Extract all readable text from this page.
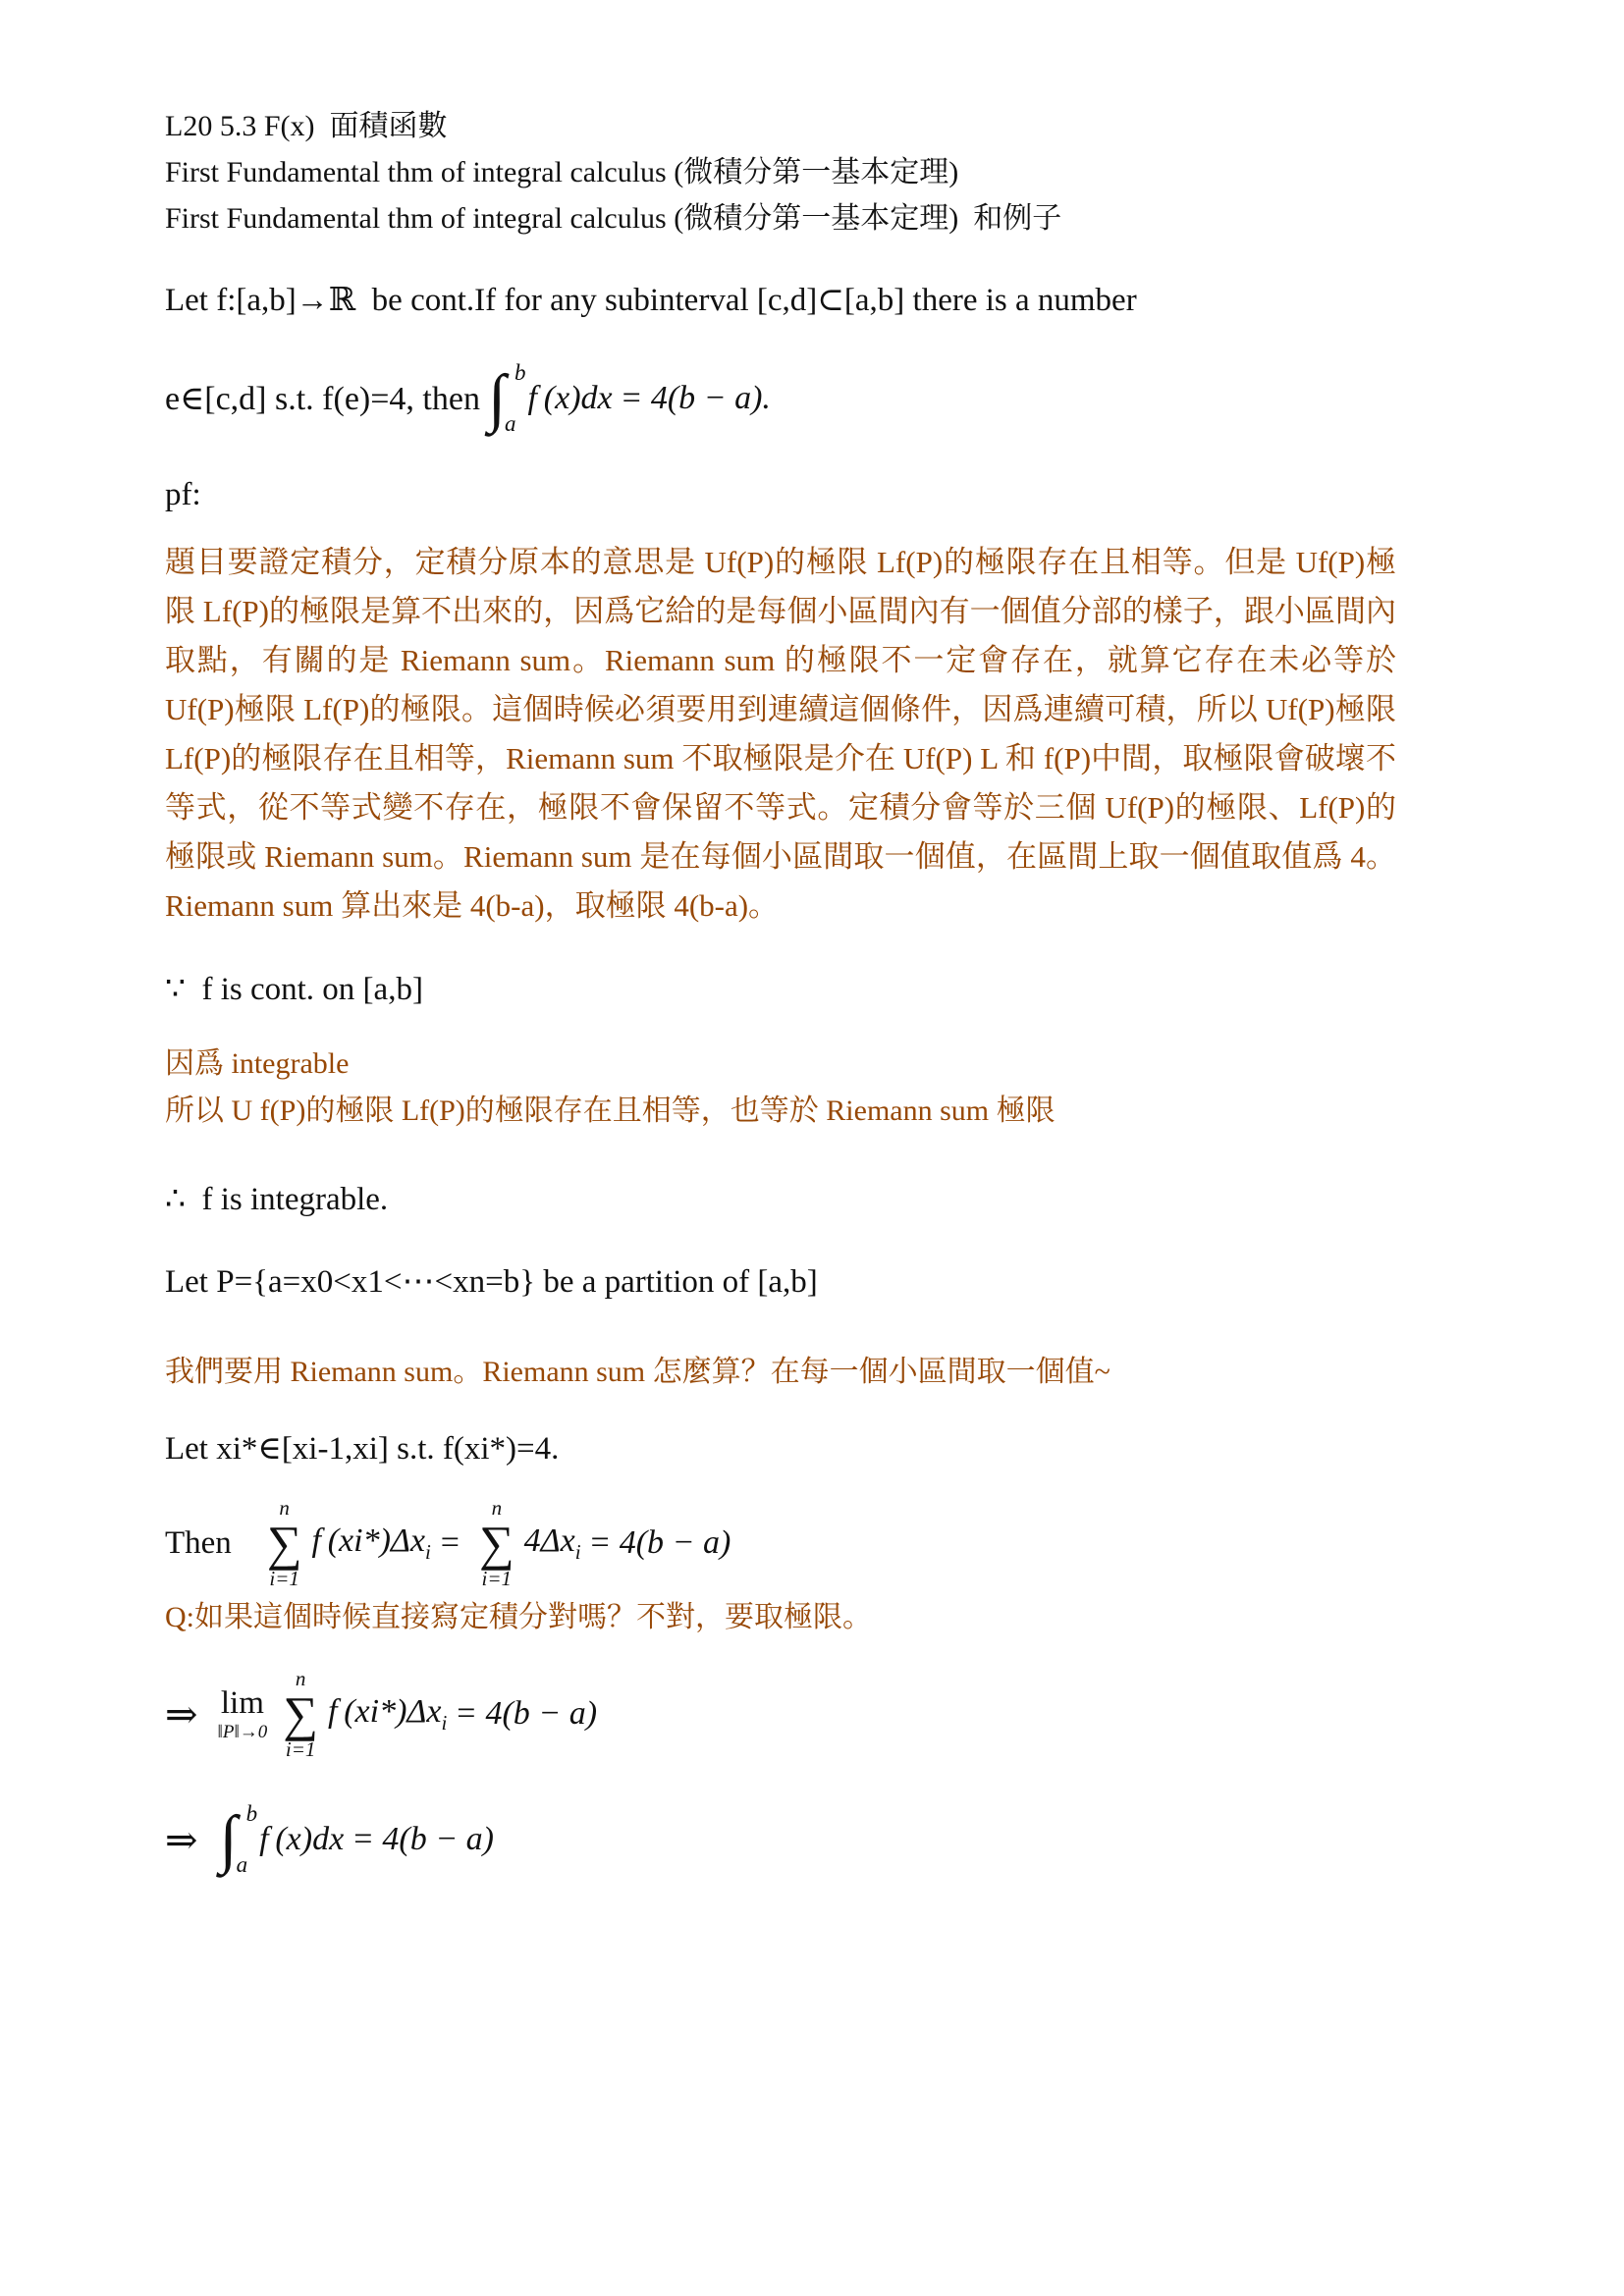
L20 5.3 F(x)  面積函數
First Fundamental thm of integral calculus (微積分第一基本定理)
First Fundamental thm of integral calculus (微積分第一基本定理)  和例子

Let f:[a,b]→ℝ  be cont.If for any subinterval [c,d]⊂[a,b] there is a number

e∈[c,d] s.t. f(e)=4, then ∫ b
a
f (x)dx = 4(b − a).
pf:

題目要證定積分，定積分原本的意思是 Uf(P)的極限 Lf(P)的極限存在且相等。但是 Uf(P)極限 Lf(P)的極限是算不出來的，因爲它給的是每個小區間內有一個值分部的樣子，跟小區間內取點，有關的是 Riemann sum。Riemann sum 的極限不一定會存在，就算它存在未必等於 Uf(P)極限 Lf(P)的極限。這個時候必須要用到連續這個條件，因爲連續可積，所以 Uf(P)極限 Lf(P)的極限存在且相等，Riemann sum 不取極限是介在 Uf(P) L 和 f(P)中間，取極限會破壞不等式，從不等式變不存在，極限不會保留不等式。定積分會等於三個 Uf(P)的極限、Lf(P)的極限或 Riemann sum。Riemann sum 是在每個小區間取一個值，在區間上取一個值取值爲 4。Riemann sum 算出來是 4(b-a)，取極限 4(b-a)。

∵  f is cont. on [a,b]
因爲 integrable
所以 U f(P)的極限 Lf(P)的極限存在且相等，也等於 Riemann sum 極限
∴  f is integrable.
Let P={a=x0<x1<⋯<xn=b} be a partition of [a,b]
我們要用 Riemann sum。Riemann sum 怎麼算？在每一個小區間取一個值~
Let xi*∈[xi-1,xi] s.t. f(xi*)=4.
Then
n
∑
i=1
f $(xi*)\Delta x_i$ =
n
∑
i=1
$4\Delta x_i = 4(b - a)$
Q:如果這個時候直接寫定積分對嗎？不對，要取極限。
⇒ lim
‖P‖→0
n
∑
i=1
f $(xi*)\Delta x_i = 4(b - a)$
⇒ ∫ b
a
f (x)dx = 4(b − a)
